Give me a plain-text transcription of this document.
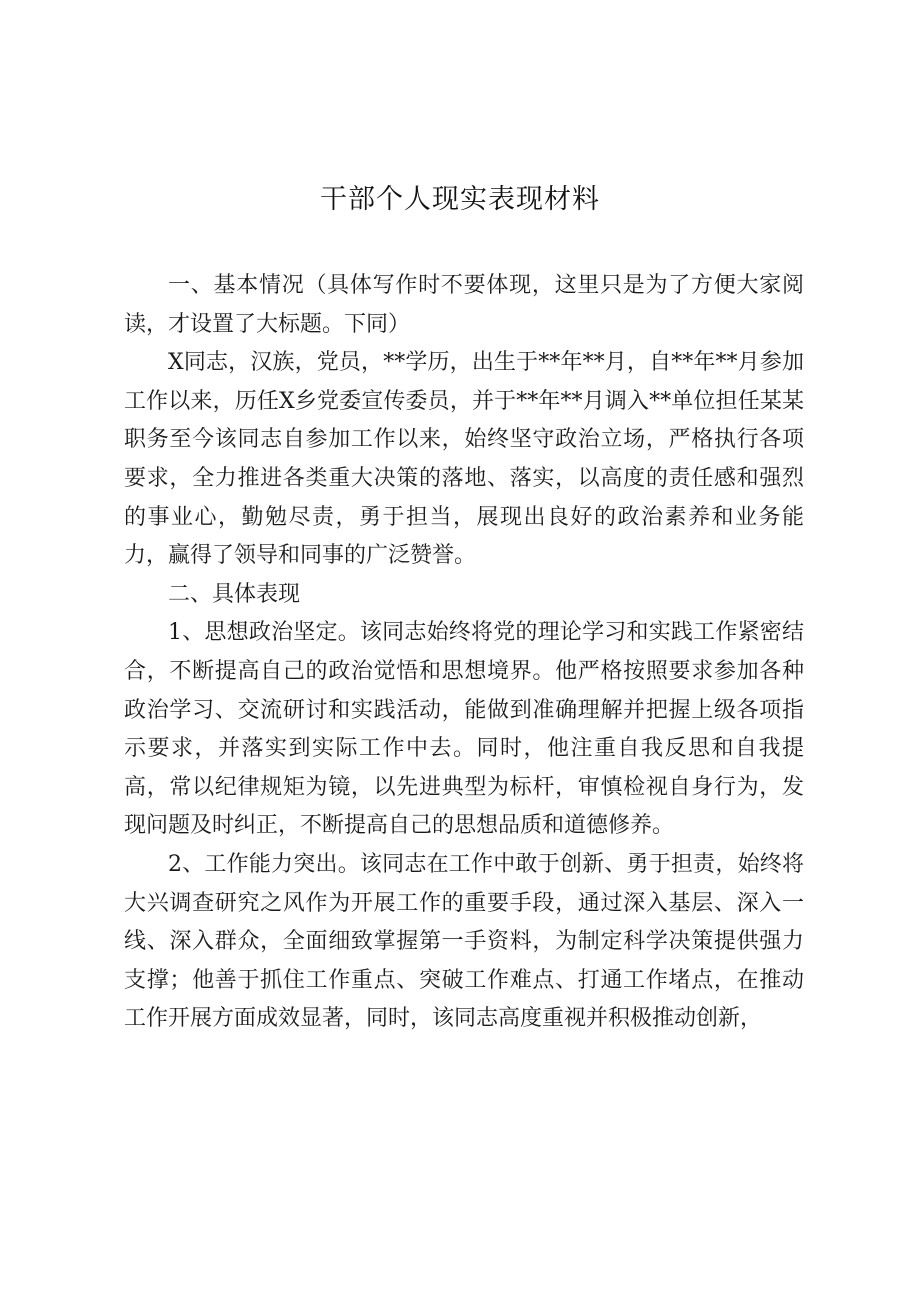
干部个人现实表现材料

一、基本情况（具体写作时不要体现，这里只是为了方便大家阅读，才设置了大标题。下同）

X同志，汉族，党员，**学历，出生于**年**月，自**年**月参加工作以来，历任X乡党委宣传委员，并于**年**月调入**单位担任某某职务至今该同志自参加工作以来，始终坚守政治立场，严格执行各项要求，全力推进各类重大决策的落地、落实，以高度的责任感和强烈的事业心，勤勉尽责，勇于担当，展现出良好的政治素养和业务能力，赢得了领导和同事的广泛赞誉。

二、具体表现

1、思想政治坚定。该同志始终将党的理论学习和实践工作紧密结合，不断提高自己的政治觉悟和思想境界。他严格按照要求参加各种政治学习、交流研讨和实践活动，能做到准确理解并把握上级各项指示要求，并落实到实际工作中去。同时，他注重自我反思和自我提高，常以纪律规矩为镜，以先进典型为标杆，审慎检视自身行为，发现问题及时纠正，不断提高自己的思想品质和道德修养。

2、工作能力突出。该同志在工作中敢于创新、勇于担责，始终将大兴调查研究之风作为开展工作的重要手段，通过深入基层、深入一线、深入群众，全面细致掌握第一手资料，为制定科学决策提供强力支撑；他善于抓住工作重点、突破工作难点、打通工作堵点，在推动工作开展方面成效显著，同时，该同志高度重视并积极推动创新，
